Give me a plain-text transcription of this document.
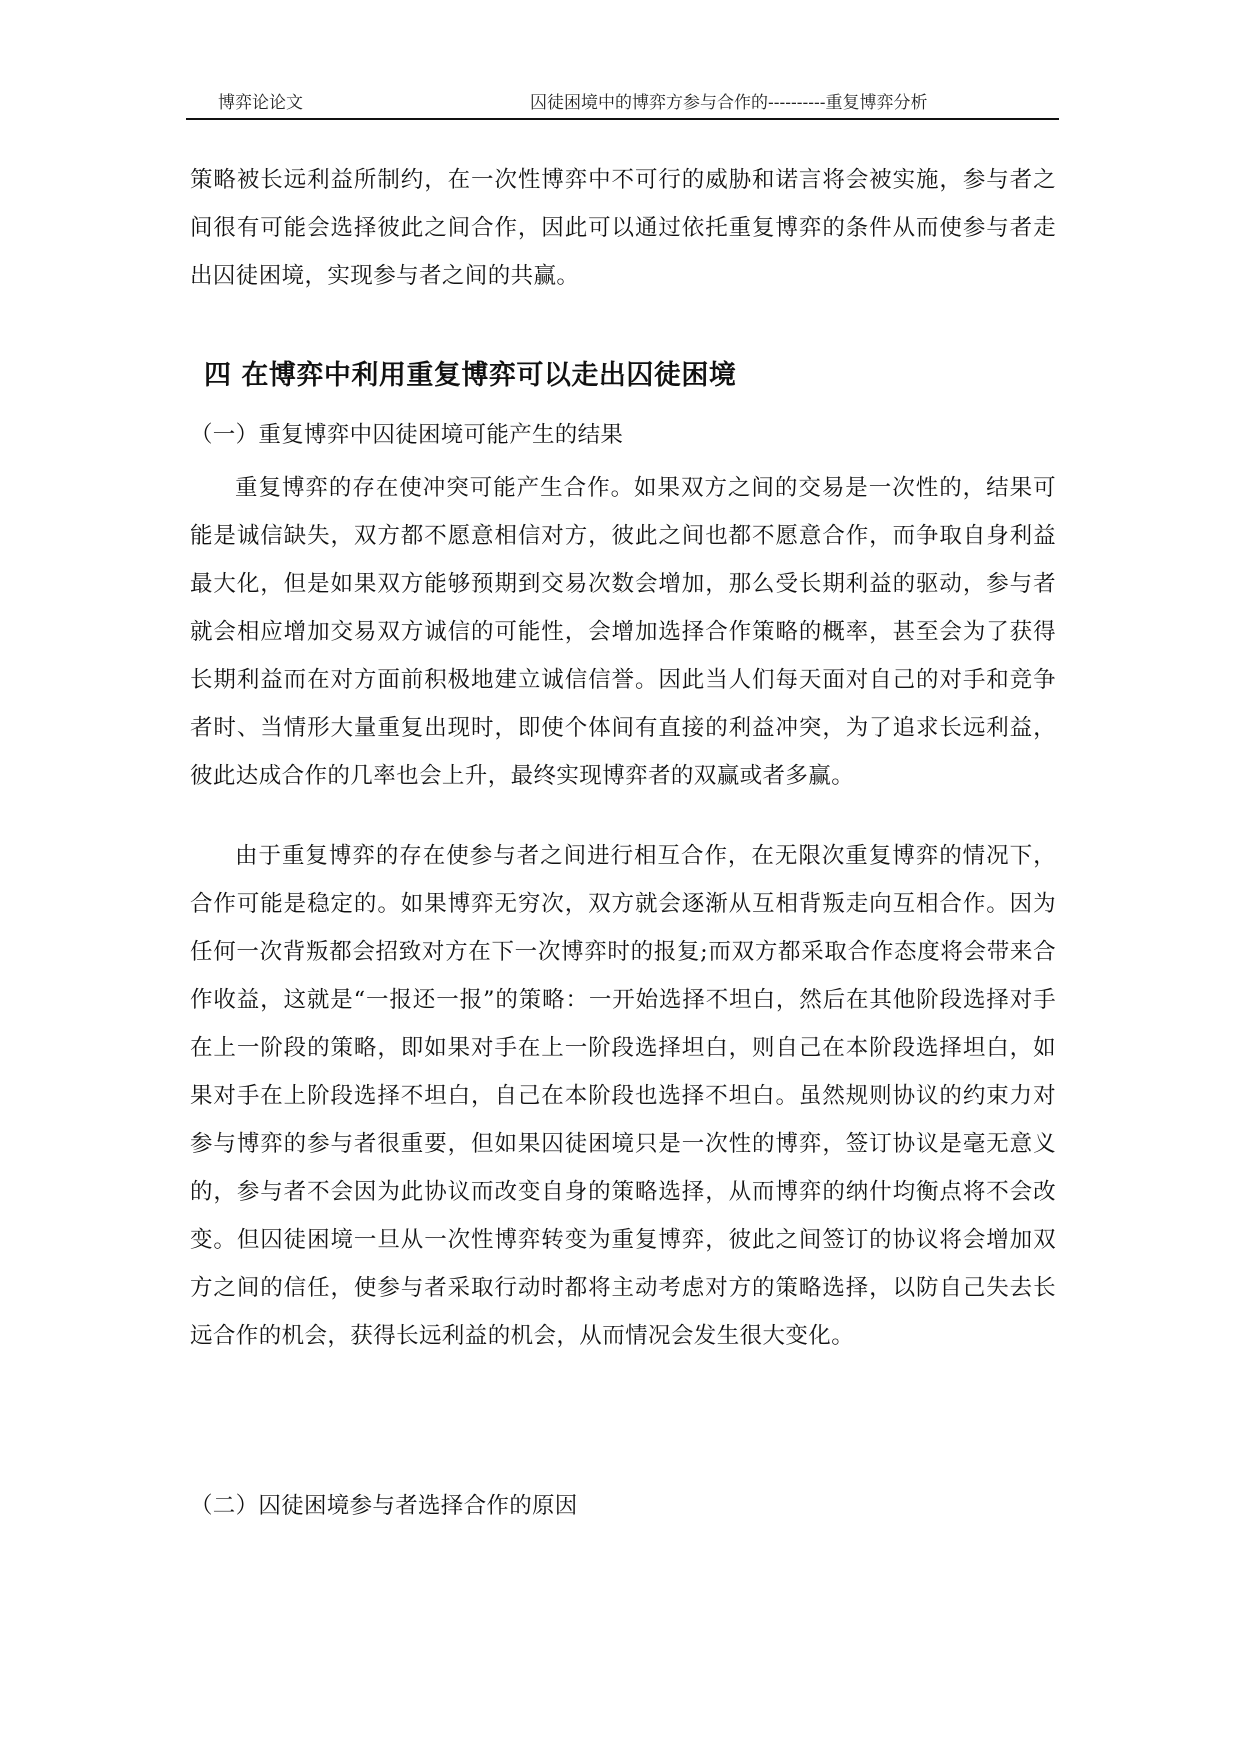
博弈论论文	囚徒困境中的博弈方参与合作的----------重复博弈分析
策略被长远利益所制约，在一次性博弈中不可行的威胁和诺言将会被实施，参与者之间很有可能会选择彼此之间合作，因此可以通过依托重复博弈的条件从而使参与者走出囚徒困境，实现参与者之间的共赢。
四 在博弈中利用重复博弈可以走出囚徒困境
（一）重复博弈中囚徒困境可能产生的结果
重复博弈的存在使冲突可能产生合作。如果双方之间的交易是一次性的，结果可能是诚信缺失，双方都不愿意相信对方，彼此之间也都不愿意合作，而争取自身利益最大化，但是如果双方能够预期到交易次数会增加，那么受长期利益的驱动，参与者就会相应增加交易双方诚信的可能性，会增加选择合作策略的概率，甚至会为了获得长期利益而在对方面前积极地建立诚信信誉。因此当人们每天面对自己的对手和竞争者时、当情形大量重复出现时，即使个体间有直接的利益冲突，为了追求长远利益，彼此达成合作的几率也会上升，最终实现博弈者的双赢或者多赢。
由于重复博弈的存在使参与者之间进行相互合作，在无限次重复博弈的情况下，合作可能是稳定的。如果博弈无穷次，双方就会逐渐从互相背叛走向互相合作。因为任何一次背叛都会招致对方在下一次博弈时的报复;而双方都采取合作态度将会带来合作收益，这就是“一报还一报”的策略：一开始选择不坦白，然后在其他阶段选择对手在上一阶段的策略，即如果对手在上一阶段选择坦白，则自己在本阶段选择坦白，如果对手在上阶段选择不坦白，自己在本阶段也选择不坦白。虽然规则协议的约束力对参与博弈的参与者很重要，但如果囚徒困境只是一次性的博弈，签订协议是毫无意义的，参与者不会因为此协议而改变自身的策略选择，从而博弈的纳什均衡点将不会改变。但囚徒困境一旦从一次性博弈转变为重复博弈，彼此之间签订的协议将会增加双方之间的信任，使参与者采取行动时都将主动考虑对方的策略选择，以防自己失去长远合作的机会，获得长远利益的机会，从而情况会发生很大变化。
（二）囚徒困境参与者选择合作的原因
